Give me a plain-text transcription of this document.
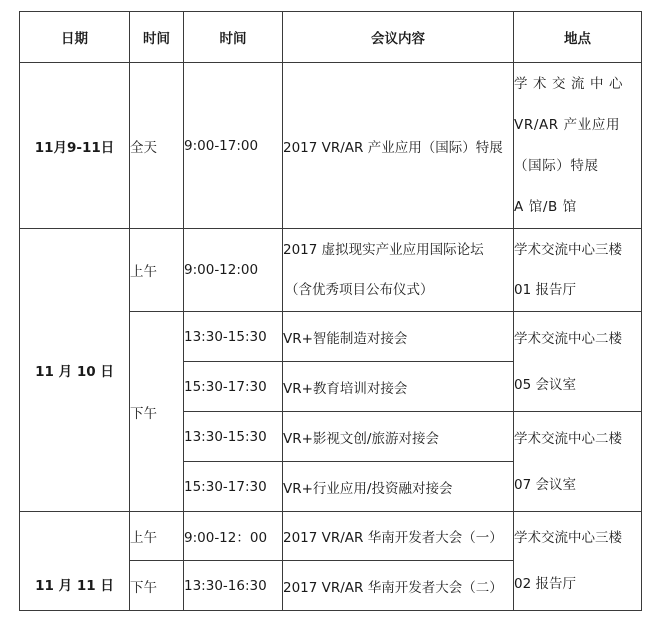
日期	时间	时间	会议内容	地点
11月9-11日	全天	9:00-17:00	2017 VR/AR 产业应用（国际）特展	学 术 交 流 中 心
VR/AR 产业应用
（国际）特展
A 馆/B 馆

11 月 10 日	上午	9:00-12:00	2017 虚拟现实产业应用国际论坛
（含优秀项目公布仪式）	学术交流中心三楼
01 报告厅

	下午	13:30-15:30	VR+智能制造对接会	学术交流中心二楼
05 会议室

		15:30-17:30	VR+教育培训对接会	
		13:30-15:30	VR+影视文创/旅游对接会	学术交流中心二楼
07 会议室

		15:30-17:30	VR+行业应用/投资融对接会	
11 月 11 日	上午	9:00-12：00	2017 VR/AR 华南开发者大会（一）	学术交流中心三楼
02 报告厅

	下午	13:30-16:30	2017 VR/AR 华南开发者大会（二）	
